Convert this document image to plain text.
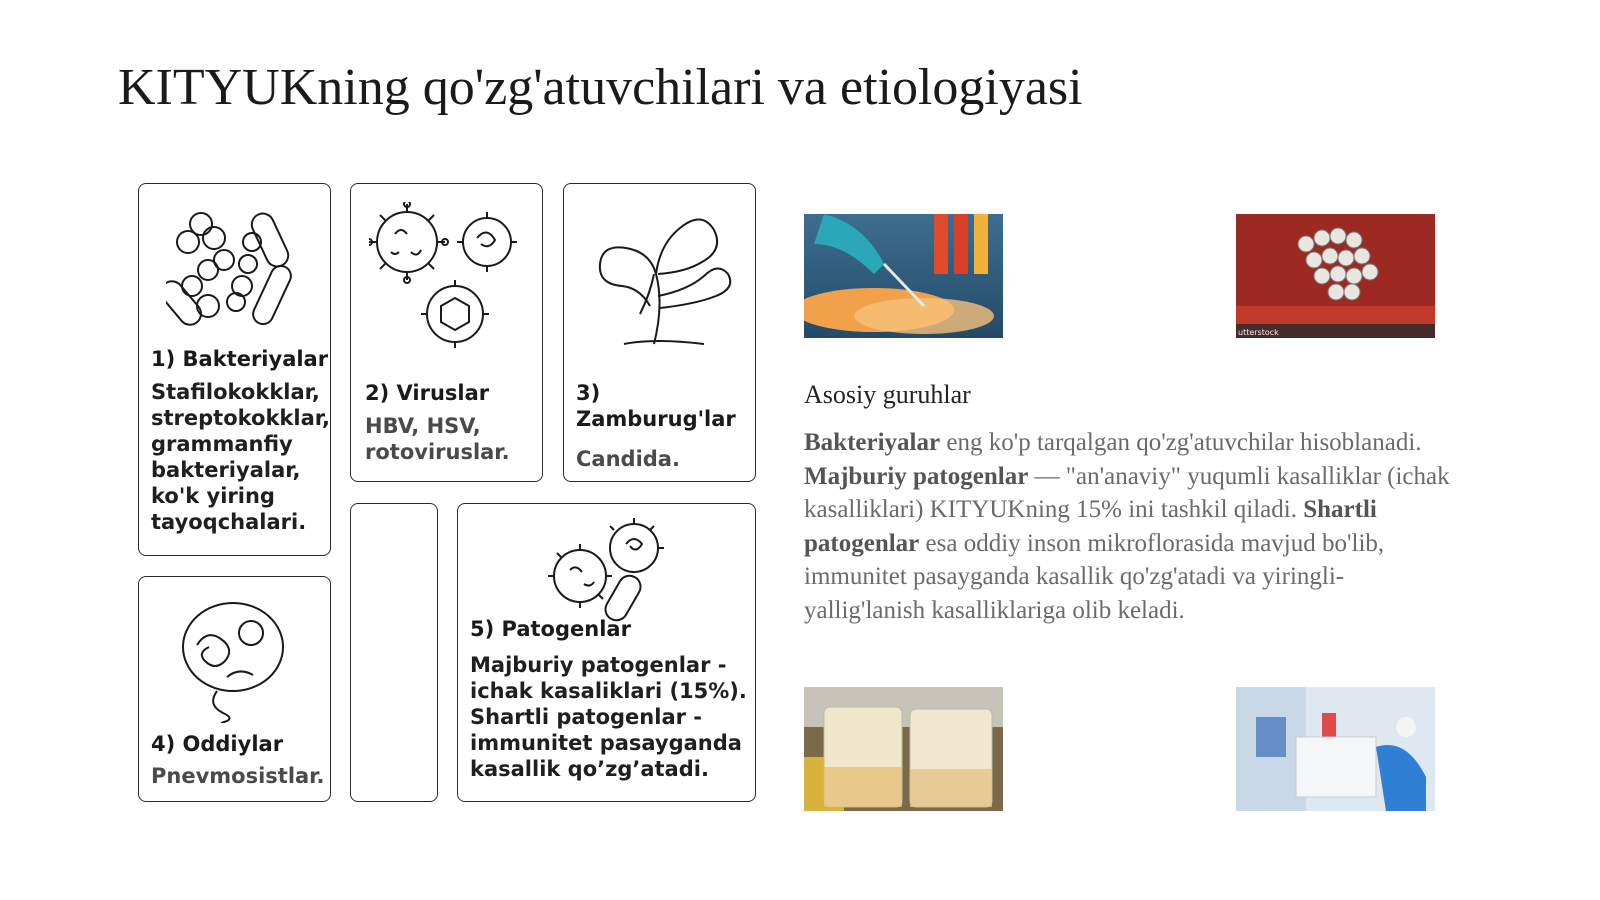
KITYUKning qo'zg'atuvchilari va etiologiyasi
1) Bakteriyalar
Stafilokokklar, streptokokklar, grammanfiy bakteriyalar, ko'k yiring tayoqchalari.
2) Viruslar
HBV, HSV, rotoviruslar.
3) Zamburug'lar
Candida.
4) Oddiylar
Pnevmosistlar.
5) Patogenlar
Majburiy patogenlar - ichak kasaliklari (15%). Shartli patogenlar - immunitet pasayganda kasallik qo’zg’atadi.
utterstock
Asosiy guruhlar
Bakteriyalar eng ko'p tarqalgan qo'zg'atuvchilar hisoblanadi. Majburiy patogenlar — "an'anaviy" yuqumli kasalliklar (ichak kasalliklari) KITYUKning 15% ini tashkil qiladi. Shartli patogenlar esa oddiy inson mikroflorasida mavjud bo'lib, immunitet pasayganda kasallik qo'zg'atadi va yiringli-yallig'lanish kasalliklariga olib keladi.
